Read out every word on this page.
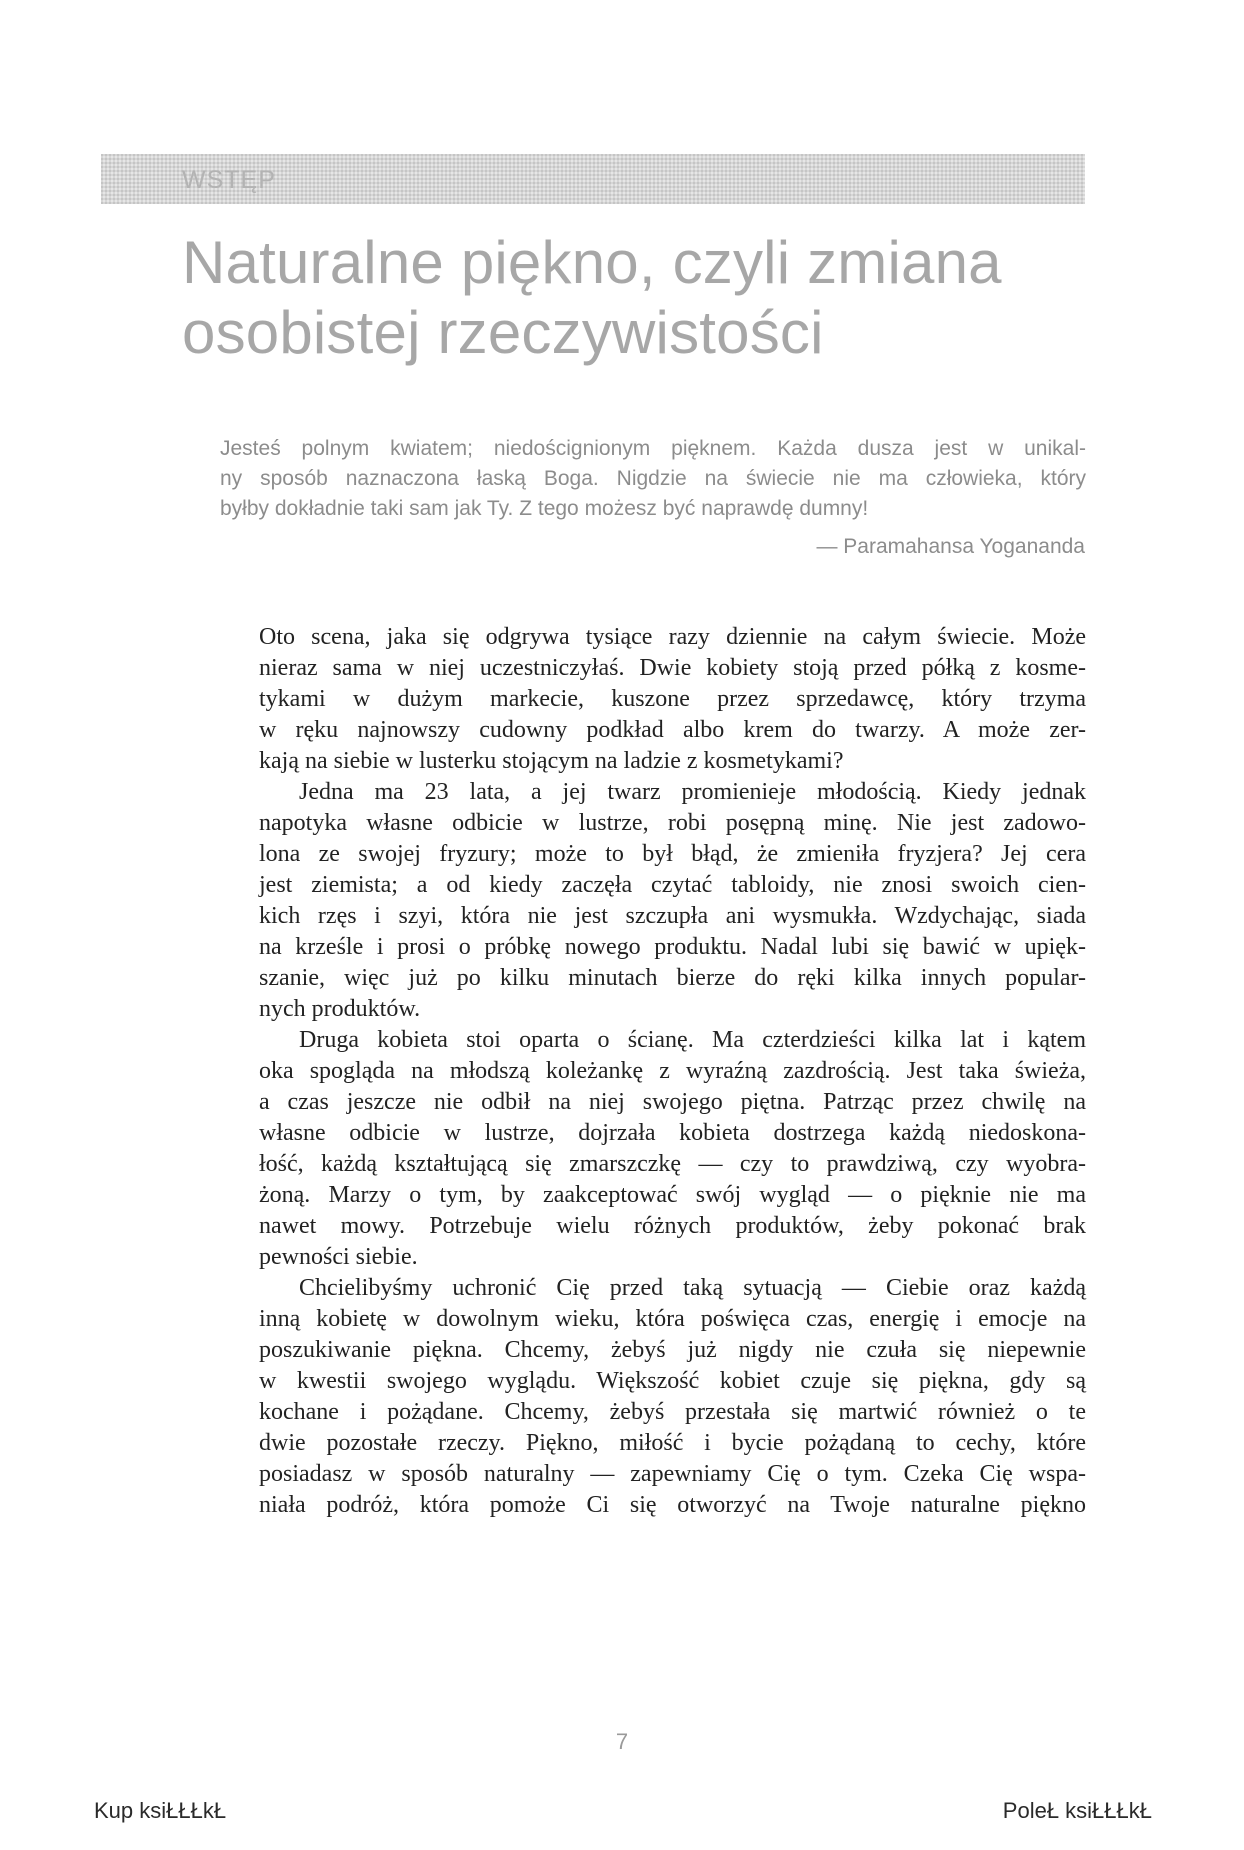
WSTĘP
Naturalne piękno, czyli zmiana
osobistej rzeczywistości
Jesteś polnym kwiatem; niedoścignionym pięknem. Każda dusza jest w unikal-
ny sposób naznaczona łaską Boga. Nigdzie na świecie nie ma człowieka, który
byłby dokładnie taki sam jak Ty. Z tego możesz być naprawdę dumny!
— Paramahansa Yogananda
Oto scena, jaka się odgrywa tysiące razy dziennie na całym świecie. Może
nieraz sama w niej uczestniczyłaś. Dwie kobiety stoją przed półką z kosme-
tykami w dużym markecie, kuszone przez sprzedawcę, który trzyma
w ręku najnowszy cudowny podkład albo krem do twarzy. A może zer-
kają na siebie w lusterku stojącym na ladzie z kosmetykami?
Jedna ma 23 lata, a jej twarz promienieje młodością. Kiedy jednak
napotyka własne odbicie w lustrze, robi posępną minę. Nie jest zadowo-
lona ze swojej fryzury; może to był błąd, że zmieniła fryzjera? Jej cera
jest ziemista; a od kiedy zaczęła czytać tabloidy, nie znosi swoich cien-
kich rzęs i szyi, która nie jest szczupła ani wysmukła. Wzdychając, siada
na krześle i prosi o próbkę nowego produktu. Nadal lubi się bawić w upięk-
szanie, więc już po kilku minutach bierze do ręki kilka innych popular-
nych produktów.
Druga kobieta stoi oparta o ścianę. Ma czterdzieści kilka lat i kątem
oka spogląda na młodszą koleżankę z wyraźną zazdrością. Jest taka świeża,
a czas jeszcze nie odbił na niej swojego piętna. Patrząc przez chwilę na
własne odbicie w lustrze, dojrzała kobieta dostrzega każdą niedoskona-
łość, każdą kształtującą się zmarszczkę — czy to prawdziwą, czy wyobra-
żoną. Marzy o tym, by zaakceptować swój wygląd — o pięknie nie ma
nawet mowy. Potrzebuje wielu różnych produktów, żeby pokonać brak
pewności siebie.
Chcielibyśmy uchronić Cię przed taką sytuacją — Ciebie oraz każdą
inną kobietę w dowolnym wieku, która poświęca czas, energię i emocje na
poszukiwanie piękna. Chcemy, żebyś już nigdy nie czuła się niepewnie
w kwestii swojego wyglądu. Większość kobiet czuje się piękna, gdy są
kochane i pożądane. Chcemy, żebyś przestała się martwić również o te
dwie pozostałe rzeczy. Piękno, miłość i bycie pożądaną to cechy, które
posiadasz w sposób naturalny — zapewniamy Cię o tym. Czeka Cię wspa-
niała podróż, która pomoże Ci się otworzyć na Twoje naturalne piękno
7
Kup ksiŁŁŁkŁ	PoleŁ ksiŁŁŁkŁ
